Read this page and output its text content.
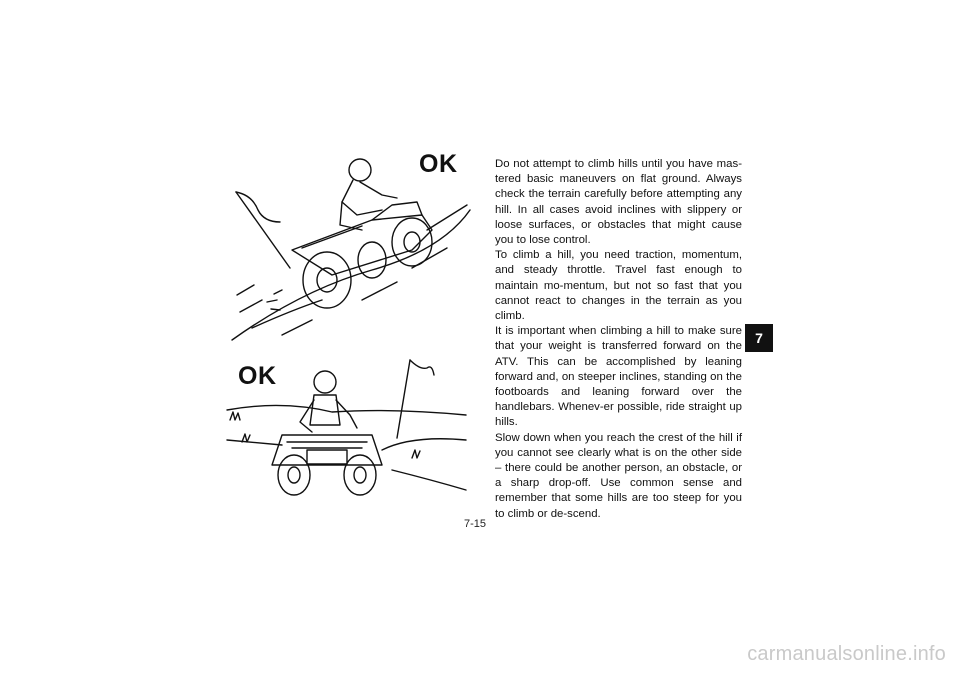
OK
OK

Do not attempt to climb hills until you have mas-tered basic maneuvers on flat ground. Always check the terrain carefully before attempting any hill. In all cases avoid inclines with slippery or loose surfaces, or obstacles that might cause you to lose control.

To climb a hill, you need traction, momentum, and steady throttle. Travel fast enough to maintain mo-mentum, but not so fast that you cannot react to changes in the terrain as you climb.

It is important when climbing a hill to make sure that your weight is transferred forward on the ATV. This can be accomplished by leaning forward and, on steeper inclines, standing on the footboards and leaning forward over the handlebars. Whenev-er possible, ride straight up hills.

Slow down when you reach the crest of the hill if you cannot see clearly what is on the other side – there could be another person, an obstacle, or a sharp drop-off. Use common sense and remember that some hills are too steep for you to climb or de-scend.

7
7-15
carmanualsonline.info
